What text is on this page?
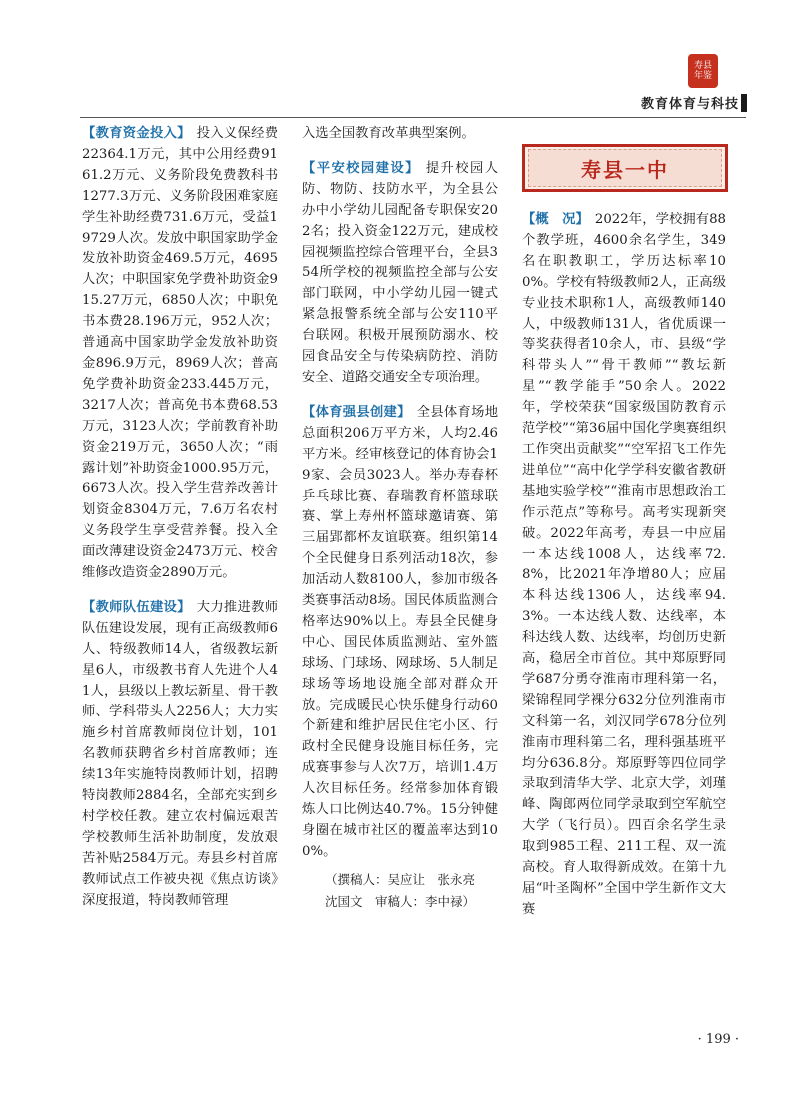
寿县年鉴
教育体育与科技

【教育资金投入】 投入义保经费22364.1万元，其中公用经费9161.2万元、义务阶段免费教科书1277.3万元、义务阶段困难家庭学生补助经费731.6万元，受益19729人次。发放中职国家助学金发放补助资金469.5万元，4695人次；中职国家免学费补助资金915.27万元，6850人次；中职免书本费28.196万元，952人次；普通高中国家助学金发放补助资金896.9万元，8969人次；普高免学费补助资金233.445万元，3217人次；普高免书本费68.53万元，3123人次；学前教育补助资金219万元，3650人次；“雨露计划”补助资金1000.95万元，6673人次。投入学生营养改善计划资金8304万元，7.6万名农村义务段学生享受营养餐。投入全面改薄建设资金2473万元、校舍维修改造资金2890万元。

【教师队伍建设】 大力推进教师队伍建设发展，现有正高级教师6人、特级教师14人，省级教坛新星6人，市级教书育人先进个人41人，县级以上教坛新星、骨干教师、学科带头人2256人；大力实施乡村首席教师岗位计划，101名教师获聘省乡村首席教师；连续13年实施特岗教师计划，招聘特岗教师2884名，全部充实到乡村学校任教。建立农村偏远艰苦学校教师生活补助制度，发放艰苦补贴2584万元。寿县乡村首席教师试点工作被央视《焦点访谈》深度报道，特岗教师管理

入选全国教育改革典型案例。

【平安校园建设】 提升校园人防、物防、技防水平，为全县公办中小学幼儿园配备专职保安202名；投入资金122万元，建成校园视频监控综合管理平台，全县354所学校的视频监控全部与公安部门联网，中小学幼儿园一键式紧急报警系统全部与公安110平台联网。积极开展预防溺水、校园食品安全与传染病防控、消防安全、道路交通安全专项治理。

【体育强县创建】 全县体育场地总面积206万平方米，人均2.46平方米。经审核登记的体育协会19家、会员3023人。举办寿春杯乒乓球比赛、春瑞教育杯篮球联赛、掌上寿州杯篮球邀请赛、第三届郢都杯友谊联赛。组织第14个全民健身日系列活动18次，参加活动人数8100人，参加市级各类赛事活动8场。国民体质监测合格率达90%以上。寿县全民健身中心、国民体质监测站、室外篮球场、门球场、网球场、5人制足球场等场地设施全部对群众开放。完成暖民心快乐健身行动60个新建和维护居民住宅小区、行政村全民健身设施目标任务，完成赛事参与人次7万，培训1.4万人次目标任务。经常参加体育锻炼人口比例达40.7%。15分钟健身圈在城市社区的覆盖率达到100%。

（撰稿人：吴应让　张永亮
沈国文　审稿人：李中禄）
寿县一中

【概　况】 2022年，学校拥有88个教学班，4600余名学生，349名在职教职工，学历达标率100%。学校有特级教师2人，正高级专业技术职称1人，高级教师140人，中级教师131人，省优质课一等奖获得者10余人，市、县级“学科带头人”“骨干教师”“教坛新星”“教学能手”50余人。2022年，学校荣获“国家级国防教育示范学校”“第36届中国化学奥赛组织工作突出贡献奖”“空军招飞工作先进单位”“高中化学学科安徽省教研基地实验学校”“淮南市思想政治工作示范点”等称号。高考实现新突破。2022年高考，寿县一中应届一本达线1008人，达线率72.8%，比2021年净增80人；应届本科达线1306人，达线率94.3%。一本达线人数、达线率，本科达线人数、达线率，均创历史新高，稳居全市首位。其中郑原野同学687分勇夺淮南市理科第一名，梁锦程同学裸分632分位列淮南市文科第一名，刘汉同学678分位列淮南市理科第二名，理科强基班平均分636.8分。郑原野等四位同学录取到清华大学、北京大学，刘瑾峰、陶郎两位同学录取到空军航空大学（飞行员）。四百余名学生录取到985工程、211工程、双一流高校。育人取得新成效。在第十九届“叶圣陶杯”全国中学生新作文大赛

· 199 ·
